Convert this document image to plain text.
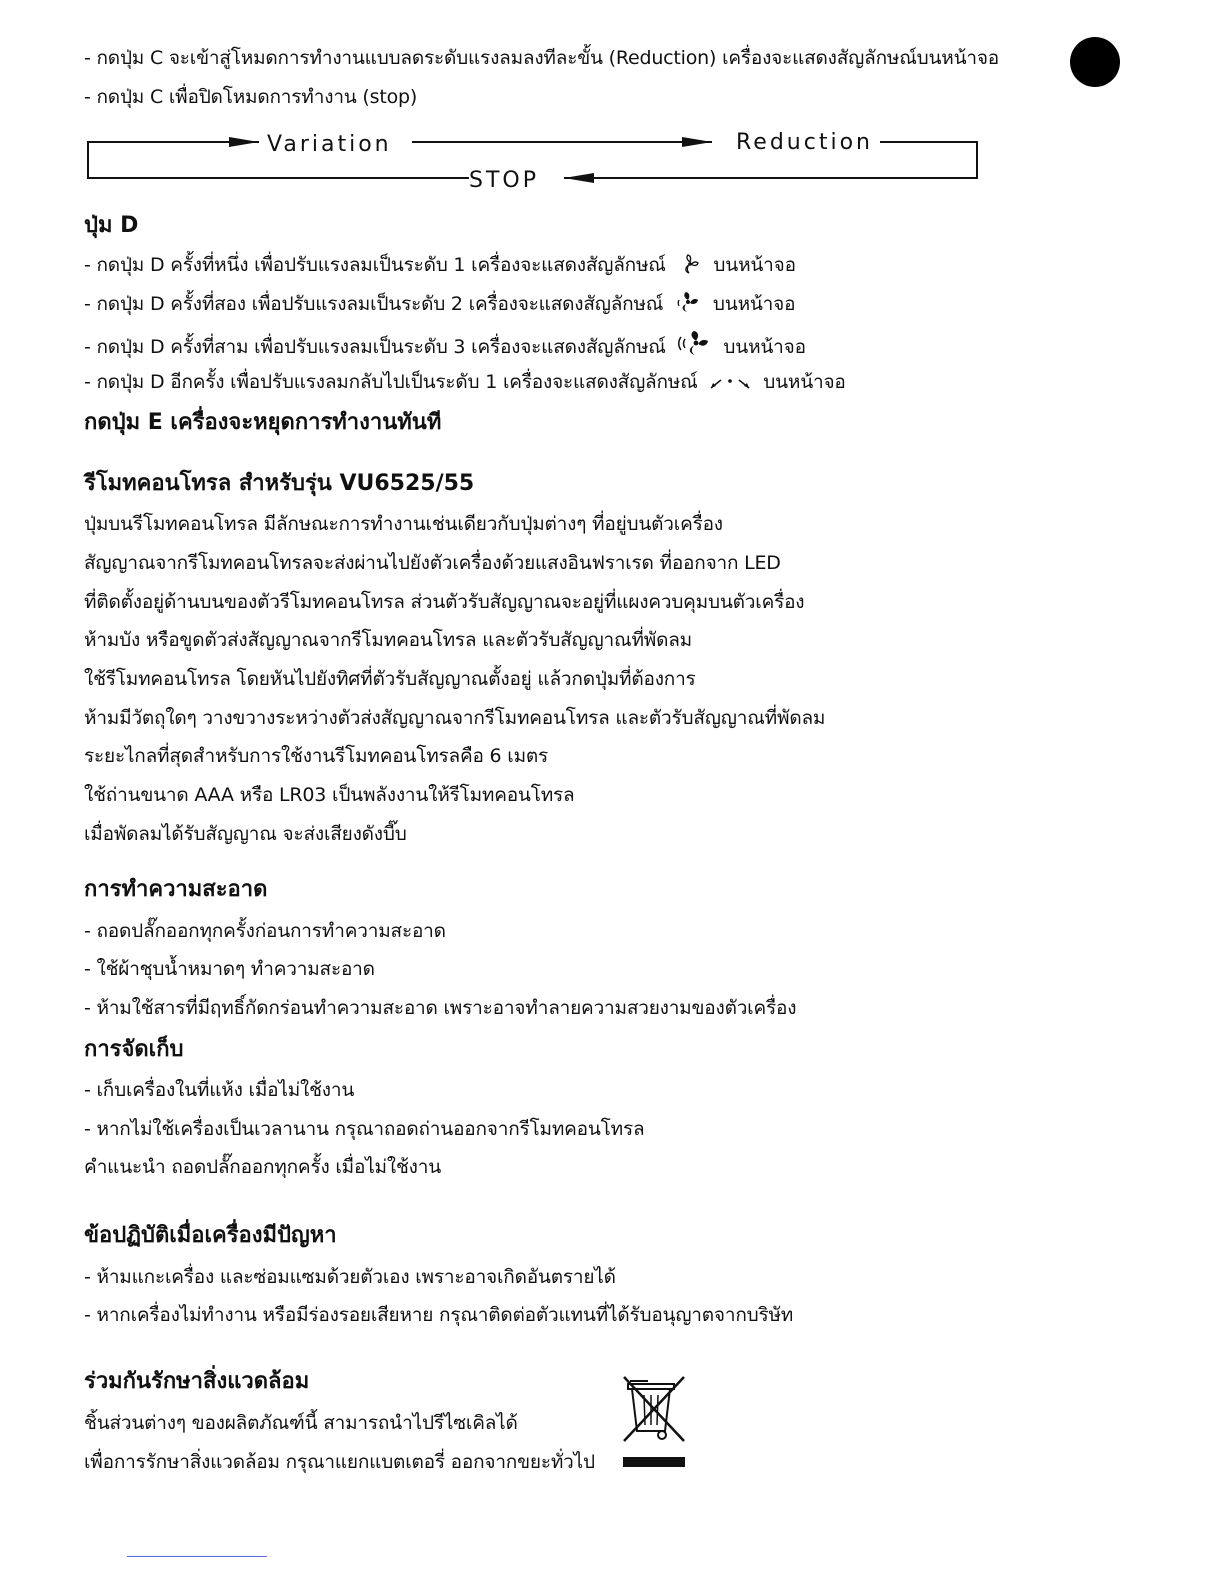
- กดปุ่ม C จะเข้าสู่โหมดการทำงานแบบลดระดับแรงลมลงทีละขั้น (Reduction) เครื่องจะแสดงสัญลักษณ์บนหน้าจอ
- กดปุ่ม C เพื่อปิดโหมดการทำงาน (stop)
Variation	Reduction
STOP
ปุ่ม D
- กดปุ่ม D ครั้งที่หนึ่ง เพื่อปรับแรงลมเป็นระดับ 1 เครื่องจะแสดงสัญลักษณ์	บนหน้าจอ
- กดปุ่ม D ครั้งที่สอง เพื่อปรับแรงลมเป็นระดับ 2 เครื่องจะแสดงสัญลักษณ์	บนหน้าจอ
- กดปุ่ม D ครั้งที่สาม เพื่อปรับแรงลมเป็นระดับ 3 เครื่องจะแสดงสัญลักษณ์	บนหน้าจอ
- กดปุ่ม D อีกครั้ง เพื่อปรับแรงลมกลับไปเป็นระดับ 1 เครื่องจะแสดงสัญลักษณ์	บนหน้าจอ
กดปุ่ม E เครื่องจะหยุดการทำงานทันที
รีโมทคอนโทรล สำหรับรุ่น VU6525/55
ปุ่มบนรีโมทคอนโทรล มีลักษณะการทำงานเช่นเดียวกับปุ่มต่างๆ ที่อยู่บนตัวเครื่อง
สัญญาณจากรีโมทคอนโทรลจะส่งผ่านไปยังตัวเครื่องด้วยแสงอินฟราเรด ที่ออกจาก LED
ที่ติดตั้งอยู่ด้านบนของตัวรีโมทคอนโทรล ส่วนตัวรับสัญญาณจะอยู่ที่แผงควบคุมบนตัวเครื่อง
ห้ามบัง หรือขูดตัวส่งสัญญาณจากรีโมทคอนโทรล และตัวรับสัญญาณที่พัดลม
ใช้รีโมทคอนโทรล โดยหันไปยังทิศที่ตัวรับสัญญาณตั้งอยู่ แล้วกดปุ่มที่ต้องการ
ห้ามมีวัตถุใดๆ วางขวางระหว่างตัวส่งสัญญาณจากรีโมทคอนโทรล และตัวรับสัญญาณที่พัดลม
ระยะไกลที่สุดสำหรับการใช้งานรีโมทคอนโทรลคือ 6 เมตร
ใช้ถ่านขนาด AAA หรือ LR03 เป็นพลังงานให้รีโมทคอนโทรล
เมื่อพัดลมได้รับสัญญาณ จะส่งเสียงดังบี๊บ
การทำความสะอาด
- ถอดปลั๊กออกทุกครั้งก่อนการทำความสะอาด
- ใช้ผ้าชุบน้ำหมาดๆ ทำความสะอาด
- ห้ามใช้สารที่มีฤทธิ์กัดกร่อนทำความสะอาด เพราะอาจทำลายความสวยงามของตัวเครื่อง
การจัดเก็บ
- เก็บเครื่องในที่แห้ง เมื่อไม่ใช้งาน
- หากไม่ใช้เครื่องเป็นเวลานาน กรุณาถอดถ่านออกจากรีโมทคอนโทรล
คำแนะนำ ถอดปลั๊กออกทุกครั้ง เมื่อไม่ใช้งาน
ข้อปฏิบัติเมื่อเครื่องมีปัญหา
- ห้ามแกะเครื่อง และซ่อมแซมด้วยตัวเอง เพราะอาจเกิดอันตรายได้
- หากเครื่องไม่ทำงาน หรือมีร่องรอยเสียหาย กรุณาติดต่อตัวแทนที่ได้รับอนุญาตจากบริษัท
ร่วมกันรักษาสิ่งแวดล้อม
ชิ้นส่วนต่างๆ ของผลิตภัณฑ์นี้ สามารถนำไปรีไซเคิลได้
เพื่อการรักษาสิ่งแวดล้อม กรุณาแยกแบตเตอรี่ ออกจากขยะทั่วไป
